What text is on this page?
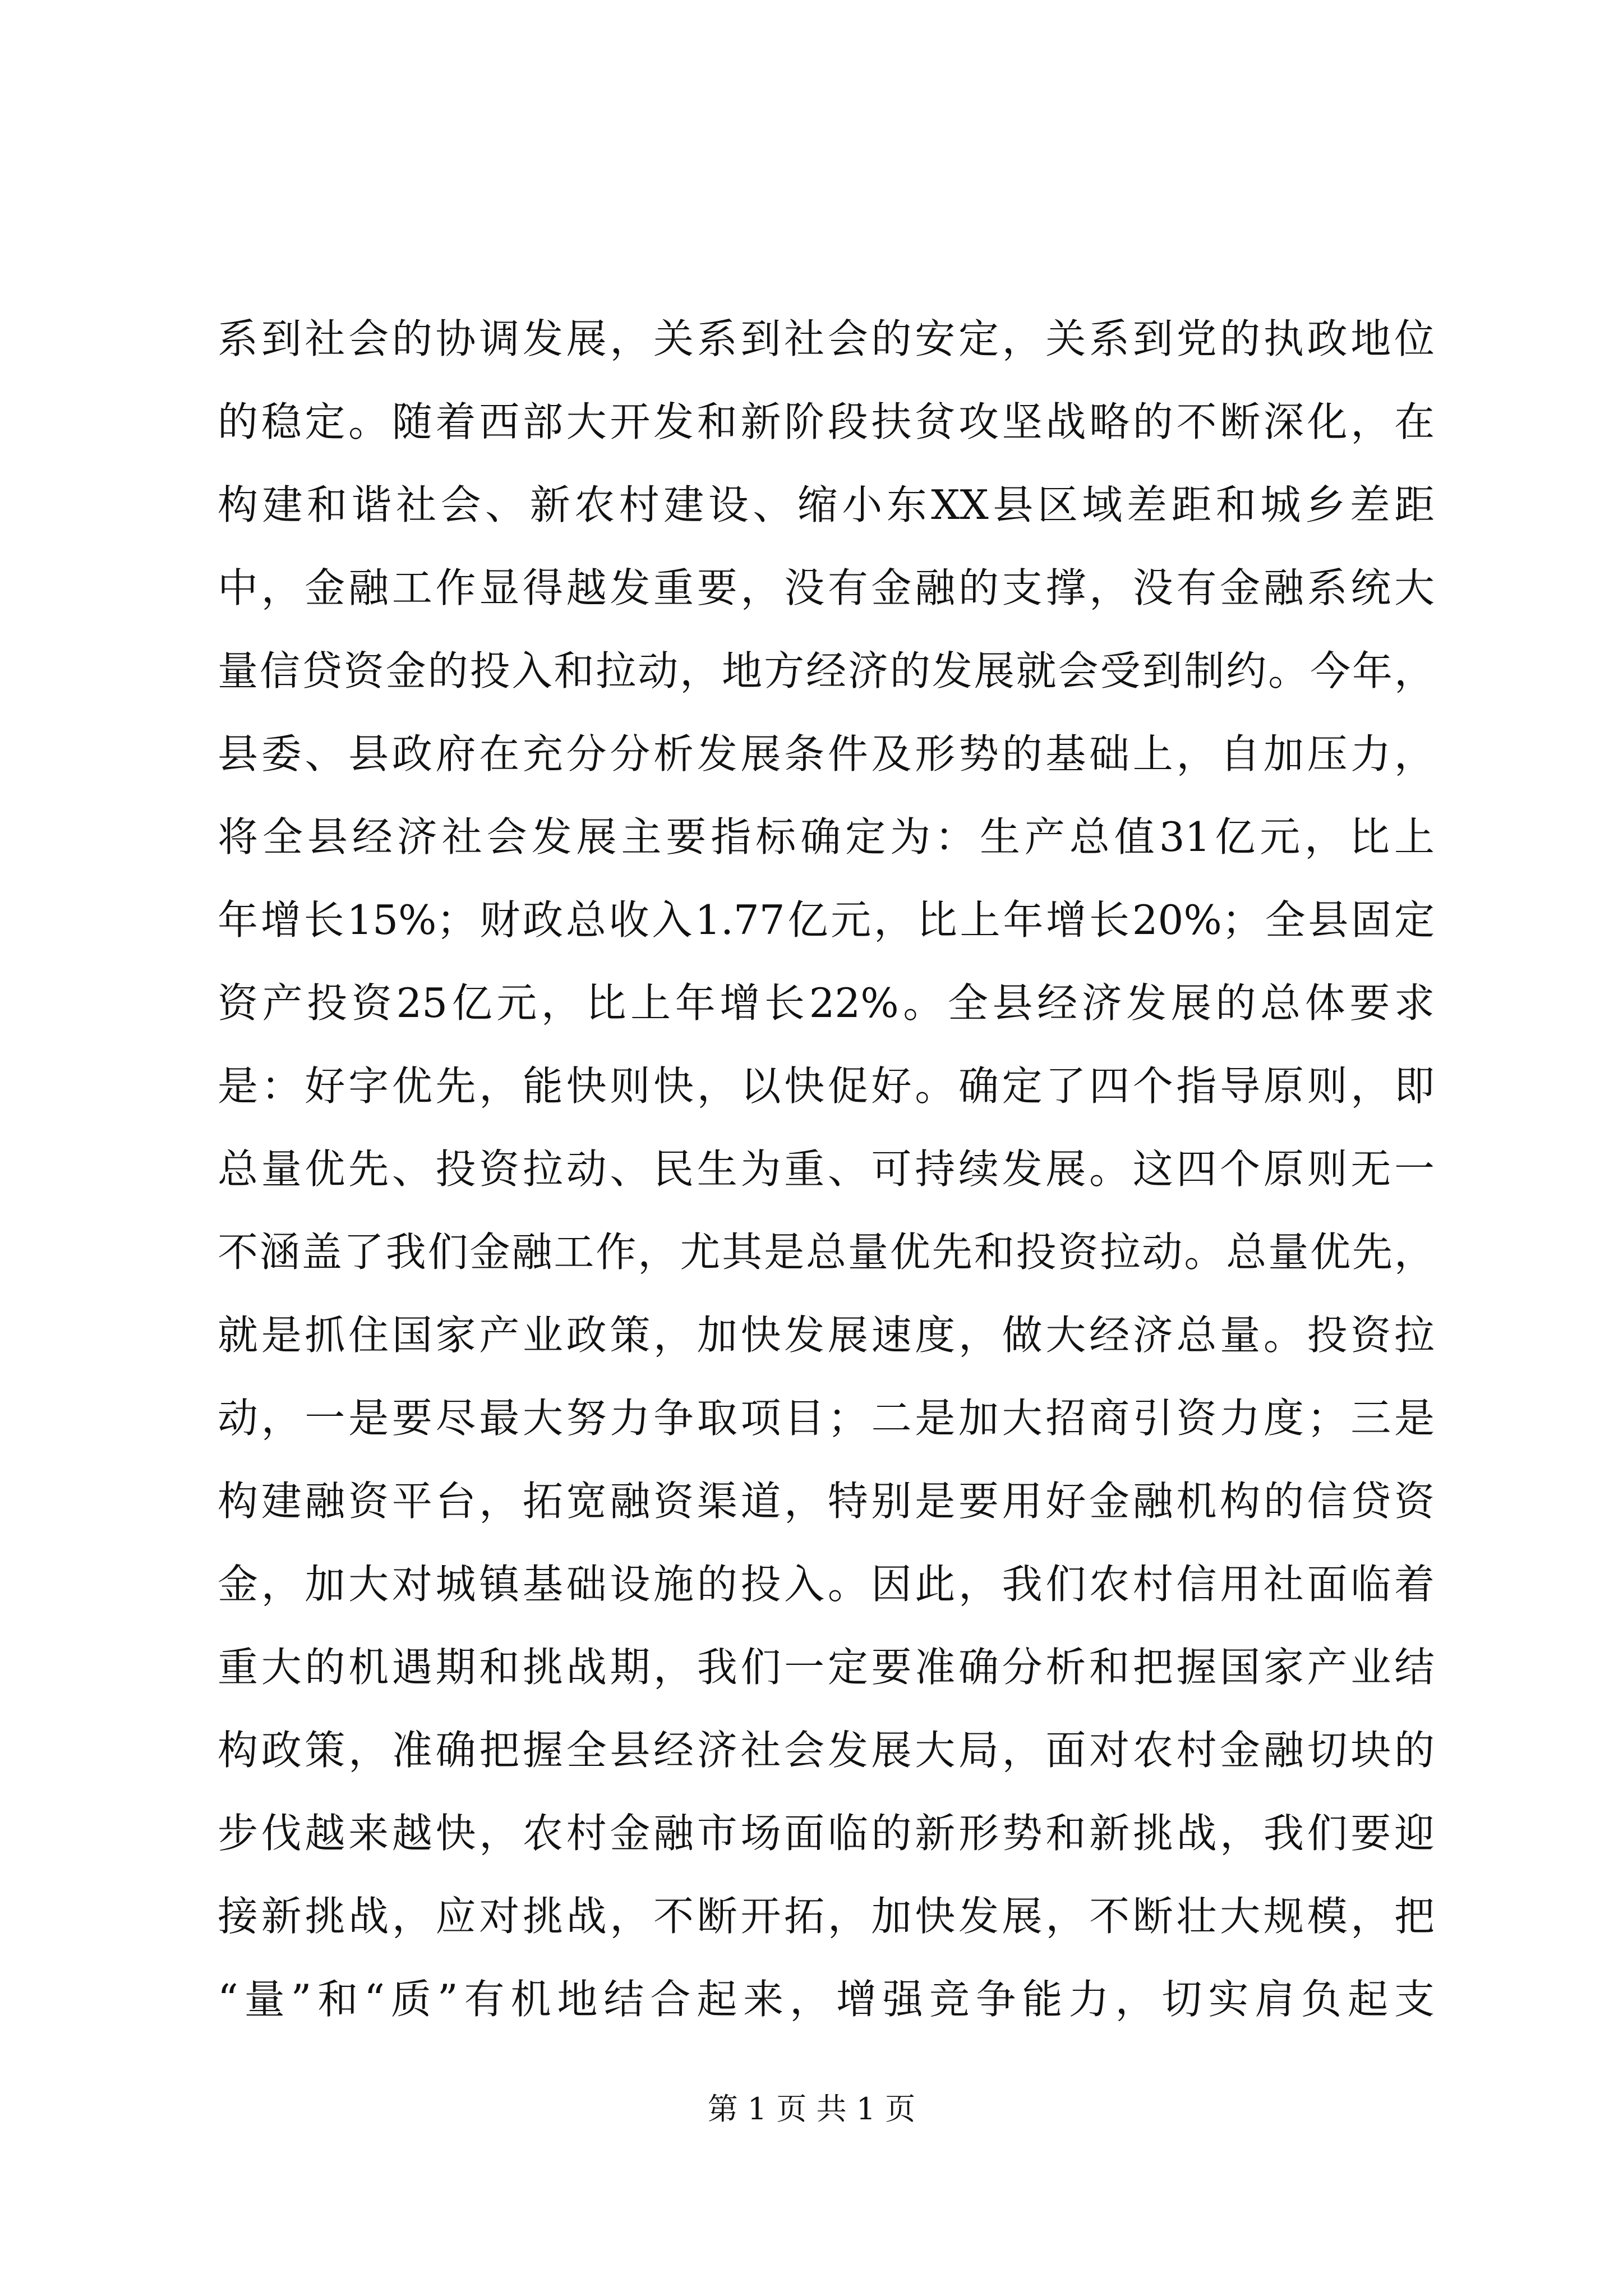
系到社会的协调发展，关系到社会的安定，关系到党的执政地位
的稳定。随着西部大开发和新阶段扶贫攻坚战略的不断深化，在
构建和谐社会、新农村建设、缩小东XX县区域差距和城乡差距
中，金融工作显得越发重要，没有金融的支撑，没有金融系统大
量信贷资金的投入和拉动，地方经济的发展就会受到制约。今年，
县委、县政府在充分分析发展条件及形势的基础上，自加压力，
将全县经济社会发展主要指标确定为：生产总值31亿元，比上
年增长15%；财政总收入1.77亿元，比上年增长20%；全县固定
资产投资25亿元，比上年增长22%。全县经济发展的总体要求
是：好字优先，能快则快，以快促好。确定了四个指导原则，即
总量优先、投资拉动、民生为重、可持续发展。这四个原则无一
不涵盖了我们金融工作，尤其是总量优先和投资拉动。总量优先，
就是抓住国家产业政策，加快发展速度，做大经济总量。投资拉
动，一是要尽最大努力争取项目；二是加大招商引资力度；三是
构建融资平台，拓宽融资渠道，特别是要用好金融机构的信贷资
金，加大对城镇基础设施的投入。因此，我们农村信用社面临着
重大的机遇期和挑战期，我们一定要准确分析和把握国家产业结
构政策，准确把握全县经济社会发展大局，面对农村金融切块的
步伐越来越快，农村金融市场面临的新形势和新挑战，我们要迎
接新挑战，应对挑战，不断开拓，加快发展，不断壮大规模，把
“量”和“质”有机地结合起来，增强竞争能力，切实肩负起支
第 1 页 共 1 页
